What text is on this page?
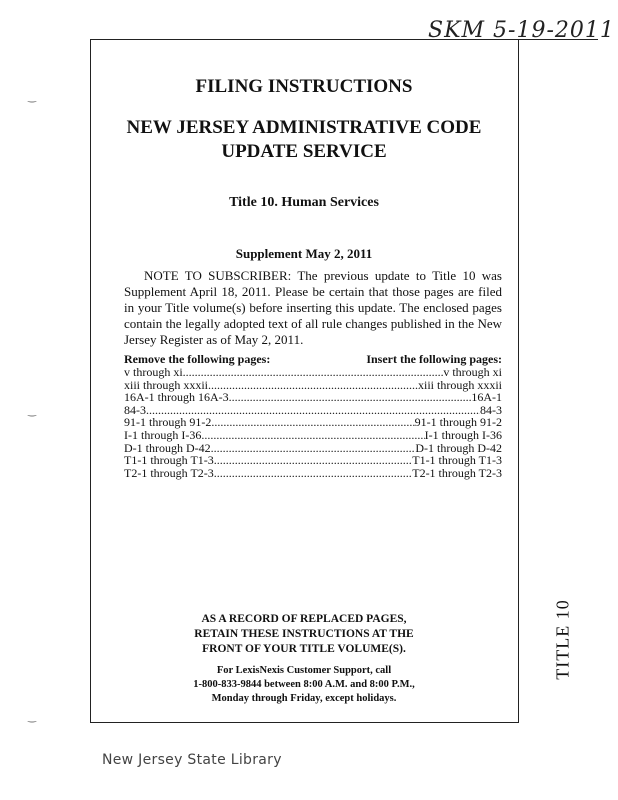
SKM 5-19-2011
‿
‿
‿
FILING INSTRUCTIONS
NEW JERSEY ADMINISTRATIVE CODE
UPDATE SERVICE
Title 10. Human Services
Supplement May 2, 2011
NOTE TO SUBSCRIBER: The previous update to Title 10 was Supplement April 18, 2011. Please be certain that those pages are filed in your Title volume(s) before inserting this update. The enclosed pages contain the legally adopted text of all rule changes published in the New Jersey Register as of May 2, 2011.
Remove the following pages:	Insert the following pages:
v through xi .....	v through xi
xiii through xxxii .....	xiii through xxxii
16A-1 through 16A-3 .....	16A-1
84-3 .....	84-3
91-1 through 91-2 .....	91-1 through 91-2
I-1 through I-36 .....	I-1 through I-36
D-1 through D-42 .....	D-1 through D-42
T1-1 through T1-3 .....	T1-1 through T1-3
T2-1 through T2-3 .....	T2-1 through T2-3
AS A RECORD OF REPLACED PAGES,
RETAIN THESE INSTRUCTIONS AT THE
FRONT OF YOUR TITLE VOLUME(S).
For LexisNexis Customer Support, call
1-800-833-9844 between 8:00 A.M. and 8:00 P.M.,
Monday through Friday, except holidays.
TITLE 10
New Jersey State Library
